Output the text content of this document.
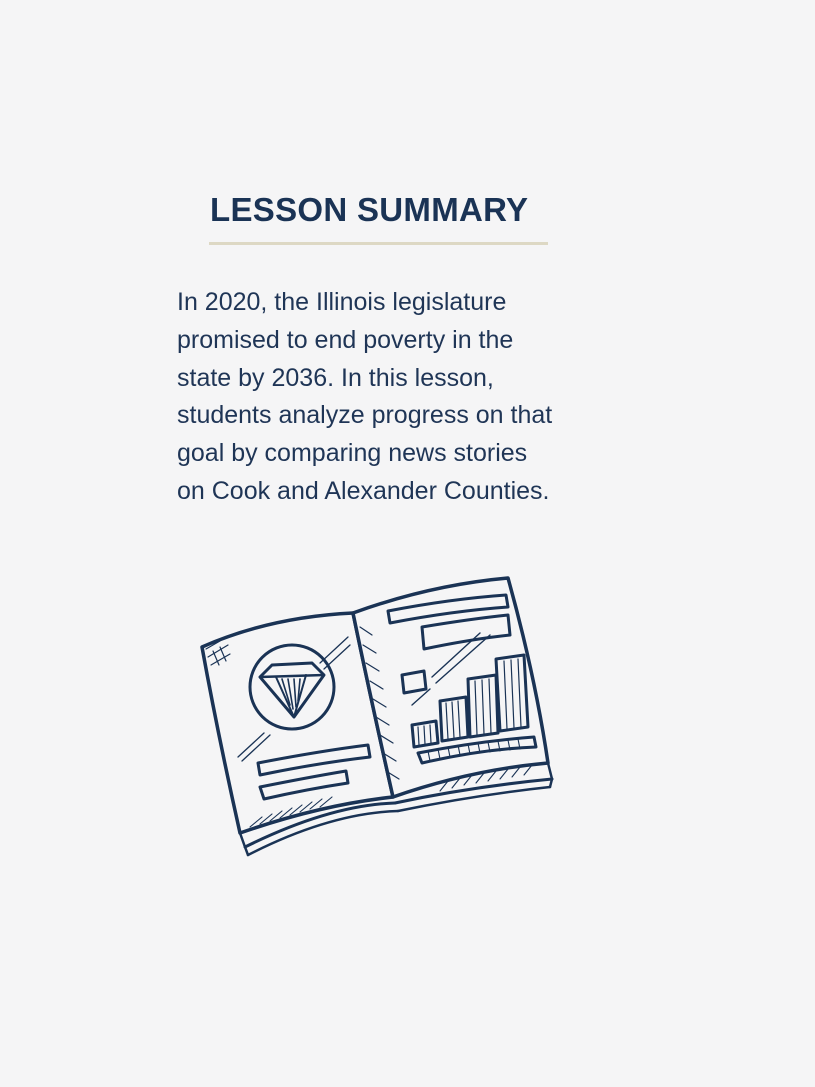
LESSON SUMMARY

In 2020, the Illinois legislature
promised to end poverty in the
state by 2036. In this lesson,
students analyze progress on that
goal by comparing news stories
on Cook and Alexander Counties.
